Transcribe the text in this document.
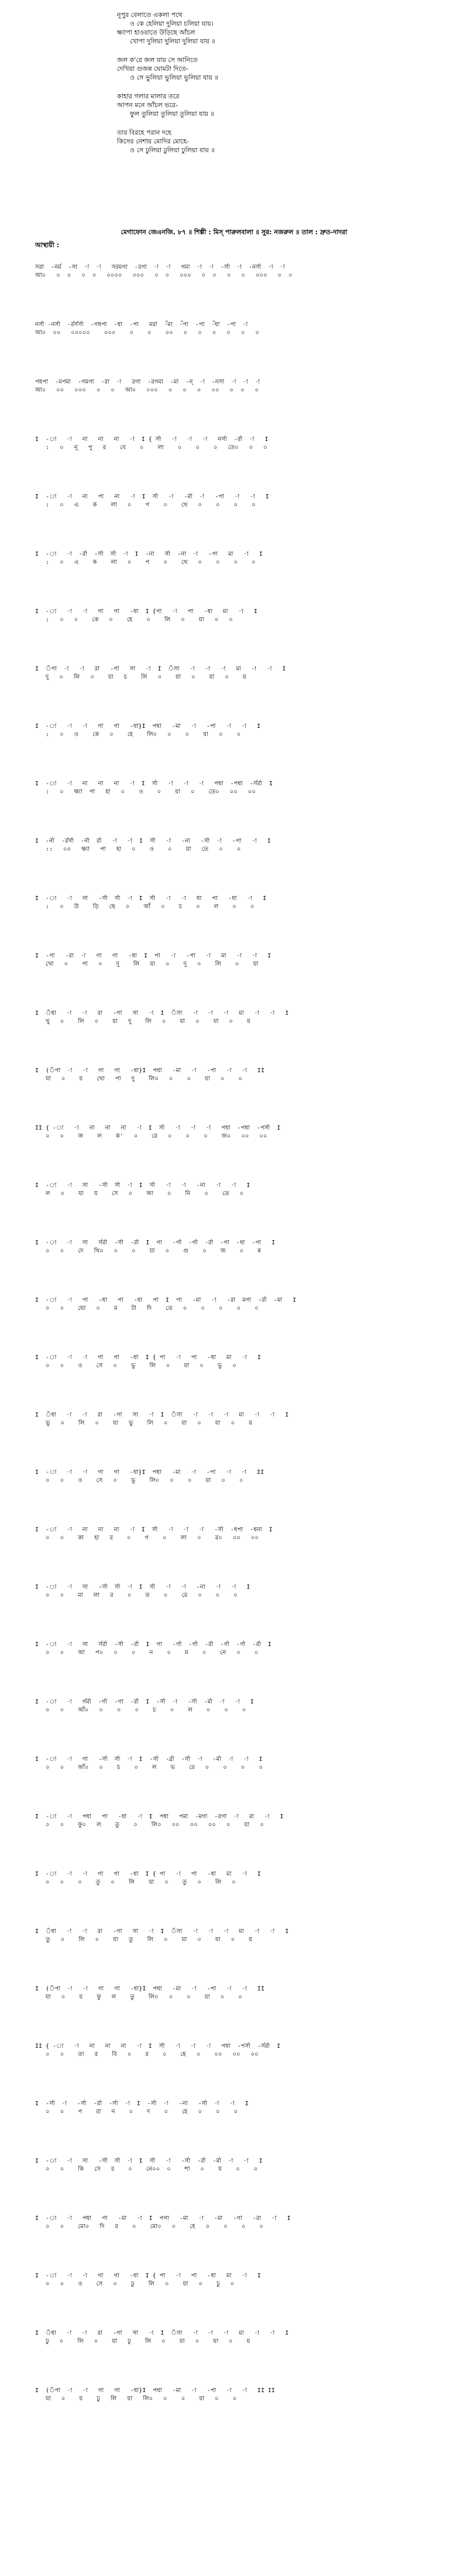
নূপুর বেলাতে একলা পথে
ও কে হেলিয়া দুলিয়া চলিয়া যায়।
ক্ষ্যাপা হাওয়াতে উড়িছে আঁচল
খোপা দুলিয়া দুলিয়া দুলিয়া যায় ॥
জল ক'রে জল যায় সে আনিতে
দেখিয়া গুজন্ন ঘোমটা দিতে-
ও সে ভুলিয়া ভুলিয়া ভুলিয়া যায় ॥
কাহার গলার মালার তরে
আপন মনে আঁচল ভরে-
ফুল তুলিয়া তুলিয়া তুলিয়া যায় ॥
তার বিরহে পরান দহে
কিসের নেশায় মোদির মোহে-
ও সে ঢুলিয়া ঢুলিয়া ঢুলিয়া যায় ॥
মেগাফোন জেএনজি. ৮৭ ॥ শিল্পী : মিস্ পারুলবালা ॥ সুর: নজরুল ॥ তাল : দ্রুত-দাদরা
আস্থায়ী :
সরা  -নর্ম  -সা  -া  -া   সরমগা  -রগা  -া  -া   গমা  -া  -া  -র্সা  -া  -নর্সা  -া  -া
আ০   ০  ০   ০  ০   ০০০০   ০০০   ০  ০   ০০০   ০  ০   ০   ০   ০০০   ০  ০
নর্সা -নর্সা  -র্রর্সর্সা  -গধপা  -ধা  -পা   মরা  -ঁমা  -ঁপা  -পা  -ঁধা  -পা  -া
আ০  ০০   ০০০০০    ০০০    ০    ০    ০০   ০   ০   ০   ০   ০   ০
পধপা  -মপমা  -গমগা  -রা  -া   রগা  -রগমা  -মা  -ন্‌  -া  -নসা  -া  -া  -া
আ০   ০০   ০০০   ০   ০   আ০   ০০০   ০   ০   ০   ০০   ০  ০   ০
I  -া   -া   না   না   না   -া  I { র্সা   -া   -া   -া   নর্সা  -র্রা  -া   I
:   ০   নূ   পু   র    বে    ০    লা    ০    ০    ০   তে০   ০   ০
I  -া   -া   না   পা   না   -া  I  র্সা   -া   -র্মা  -া   -পা   -া   -া   I
:   ০   এ    ক    লা   ০    প    ০    থে   ০    ০    ০    ০
I  -া   -া  -র্রা  -র্সা  র্সা  -া  I  -না   র্সা  -না  -া   -পা   মা   -া   I
:   ০   এ    ক    লা   ০    প    ০    থে   ০    ০    ০    ০
I  -া   -া   -া   গা   গা   -ধা  I {পা   -া   পা   -ধা   মা   -া   I
:   ০   ০    কে   ০    হে    ০    লি   ০    য়া   ০   ০
I  ঁপা  -া   -া   রা   -গা   সা   -া  I  ঁসা   -া   -া   -া   মা   -া   -া   I
দু   ০   লি   ০    য়া   চ    লি   ০    য়া   ০    যা   ০    য়
I  -া   -া   -া   গা   গা   -ধা}I  পধা   -মা   -া   -পা   -া   -া   I
:   ০   ও    কে   ০    হে    লি০   ০    ০    য়া   ০    ০
I  -া   -া   না   না   না   -া  I  র্সা   -া   -া   -া   পধা  -পধা  -র্সর্রা  I
:   ০   ক্ষ্যা  পা   হা   ০    ও    ০    য়া   ০    তে০   ০০   ০০
I  -র্না  -র্রর্সা  -র্না  র্রা   -া   -া  I  র্সা   -া   -না   -র্সা  -া   -পা   -া   I
::   ০০   ক্ষ্যা   পা   হা   ০    ও    ০    য়া   তে   ০    ০
I  -া   -া   সা   -র্সা  র্সা  -া  I  র্সা   -া   -া   ধা   পা   -ধা   -া   I
:   ০   উ    ড়ি   ছে   ০    আঁ   ০    চ    ০    ল    ০    ০
I  -গা   -রা  -া   গা   গা   -ধা  I  পা   -া   -পা   -া   মা   -া   -া   I
খো   ০    পা   ০    দু    লি   য়া   ০    দু   ০    লি    ০    য়া
I  ঁধা   -া   -া   রা   -গা   সা   -া  I  ঁসা   -া   -া   -া   মা   -া   -া   I
খু   ০    লি   ০    য়া   দু    লি   ০    য়া   ০    যা   ০    য়
I  (ঁপা  -া   -া   গা   গা   -ধা}I  পধা   -মা   -া   -পা   -া   -া   II
যা   ০    য়    খো   পা   দু    লি০   ০    ০    য়া   ০    ০
II { -া   -া   না   না   না   -া  I  র্সা   -া   -া   -া   পধা  -পধা  -পর্সা  I
০   ০    জ    ল    ক'   ০    রে   ০    ০    ০    জ০   ০০   ০০
I  -া   -া   সা   -র্সা  র্সা  -া  I  র্সা   -া   -া   -না   -া   -া   I
ল   ০    যা   য়    সে   ০    আ    ০    নি    ০    তে   ০
I  -া   -া   সা   র্সর্রা  -র্সা  -র্রা  I  গা   -র্গা  -র্গা  -র্রা  -গা  -ধা  -পা   I
০   ০    দে   খি০   ০    ০    য়া   ০    গু    ০    জ    ০    ন্ন
I  -া   -া   পা   -ধা   পা   -ধা   পা  I  পা   -মা   -া   -রা  মগা  -র্রা  -মা   I
০   ০    ঘো   ০    ম    টা   দি    তে   ০    ০    ০    ০    ০
I  -া   -া   -া   গা   গা   -ধা  I { পা   -া   পা   -ধা   মা   -া   I
০   ০    ও    সে   ০    ভু    লি   ০    য়া   ০    ভু   ০
I  ঁধা   -া   -া   রা   -গা   সা   -া  I  ঁসা   -া   -া   -া   মা   -া   -া   I
ভু   ০    লি   ০    য়া   ভু    লি   ০    য়া   ০    যা   ০    য়
I  -া   -া   -া   গা   গা   -ধা}I  পধা   -মা   -া   -পা   -া   -া   II
০   ০    ও    সে   ০    ভু    লি০   ০    ০    য়া   ০    ০
I  -া   -া   না   না   না   -া  I  র্সা   -া   -া   -া   -র্সা  -ধপা  -ধনা  I
০   ০    কা   হা   র    ০    গ    ০    লা   ০    র০   ০০   ০০
I  -া   -া   সা   -র্সা  র্সা  -া  I  র্সা   -া   -া   -না   -া   -া   I
০   ০    মা   লা   র    ০    ত    ০    রে   ০    ০    ০
I  -া   -া   সা   র্সর্রা  -র্সা  -র্রা  I  গা   -র্গা  -র্গা  -র্রা  -র্গা  -র্গা  -র্রা  I
০   ০    আ   প০   ০    ০    ন    ০    ম    ০    নে   ০    ০
I  -া   -া   র্গর্মা  -র্গা  -গা  -র্রা  I  -র্সা  -া   -র্সা  -র্মা  -া   -া   I
০   ০    আঁ০   ০    ০    ০    চ    ০    ল    ০    ০    ০
I  -া   -া   গা   -র্সা  র্সা  -া  I  -র্সা  -র্র্রা  -র্সা  -া   -র্মা  -া   -া   I
০   ০    আঁ০   ০    চ    ০    ল    ভ    রে   ০    ০    ০    ০
I  -া   -া   পধা   পা   -ধা   -া  I  পধা   পমা  -মগা  -রগা  -া   রা   -া   I
০   ০    ফু০   ল    তু    ০    লি০   ০০   ০০   ০০   ০    য়া   ০
I  -া   -া   -া   গা   গা   -ধা  I { পা   -া   পা   -ধা   মা   -া   I
০   ০    ০    তু   ০    লি    য়া   ০    তু   ০    লি   ০
I  ঁধা   -া   -া   রা   -গা   সা   -া  I  ঁসা   -া   -া   -া   মা   -া   -া   I
তু   ০    লি   ০    য়া   তু    লি   ০    য়া   ০    যা   ০    য়
I  (ঁপা  -া   -া   গা   গা   -ধা}I  পধা   -মা   -া   -পা   -া   -া   II
যা   ০    য়    ফু   ল    তু    লি০   ০    ০    য়া   ০    ০
II { -া   -া   না   না   না   -া  I  র্সা   -া   -া   -া   পধা  -পর্সা  -র্সর্রা  I
০   ০    তা   র    বি   ০    র    ০    হে   ০    ০০   ০০   ০০
I  -র্সা  -া   -র্সা  -র্রা  -র্সা  -া  I  -র্সা  -া   -না   -র্সা  -া   -া   I
০   ০    প    রা   ন    ০    দ    ০    হে   ০    ০    ০
I  -া   -া   সা   -র্সা  র্সা  -া  I  র্সা   -া   -র্সা  -র্রা  -র্মা  -া   -া   I
০   ০    কি   সে   র    ০    নে০০  ০    শা   ০    য়    ০    ০
I  -া   -া   পধা   পা   -মা   -া  I  পগা   -মা   -া   -মা   -গা   -রা   -া   I
০   ০    মো০   দি   র    ০    মো০   ০    হে   ০    ০    ০    ০
I  -া   -া   -া   গা   গা   -ধা  I { পা   -া   পা   -ধা   মা   -া   I
০   ০    ও    সে   ০    ঢু    লি   ০    য়া   ০    ঢু   ০
I  ঁধা   -া   -া   রা   -গা   সা   -া  I  ঁসা   -া   -া   -া   মা   -া   -া   I
ঢু   ০    লি   ০    য়া   ঢু    লি   ০    য়া   ০    যা   ০    য়
I  (ঁপা  -া   -া   গা   গা   -ধা}I  পধা   -মা   -া   -পা   -া   -া   II II
যা   ০    য়    ঢু   লি   য়া   লি০   ০    ০    য়া   ০    ০
